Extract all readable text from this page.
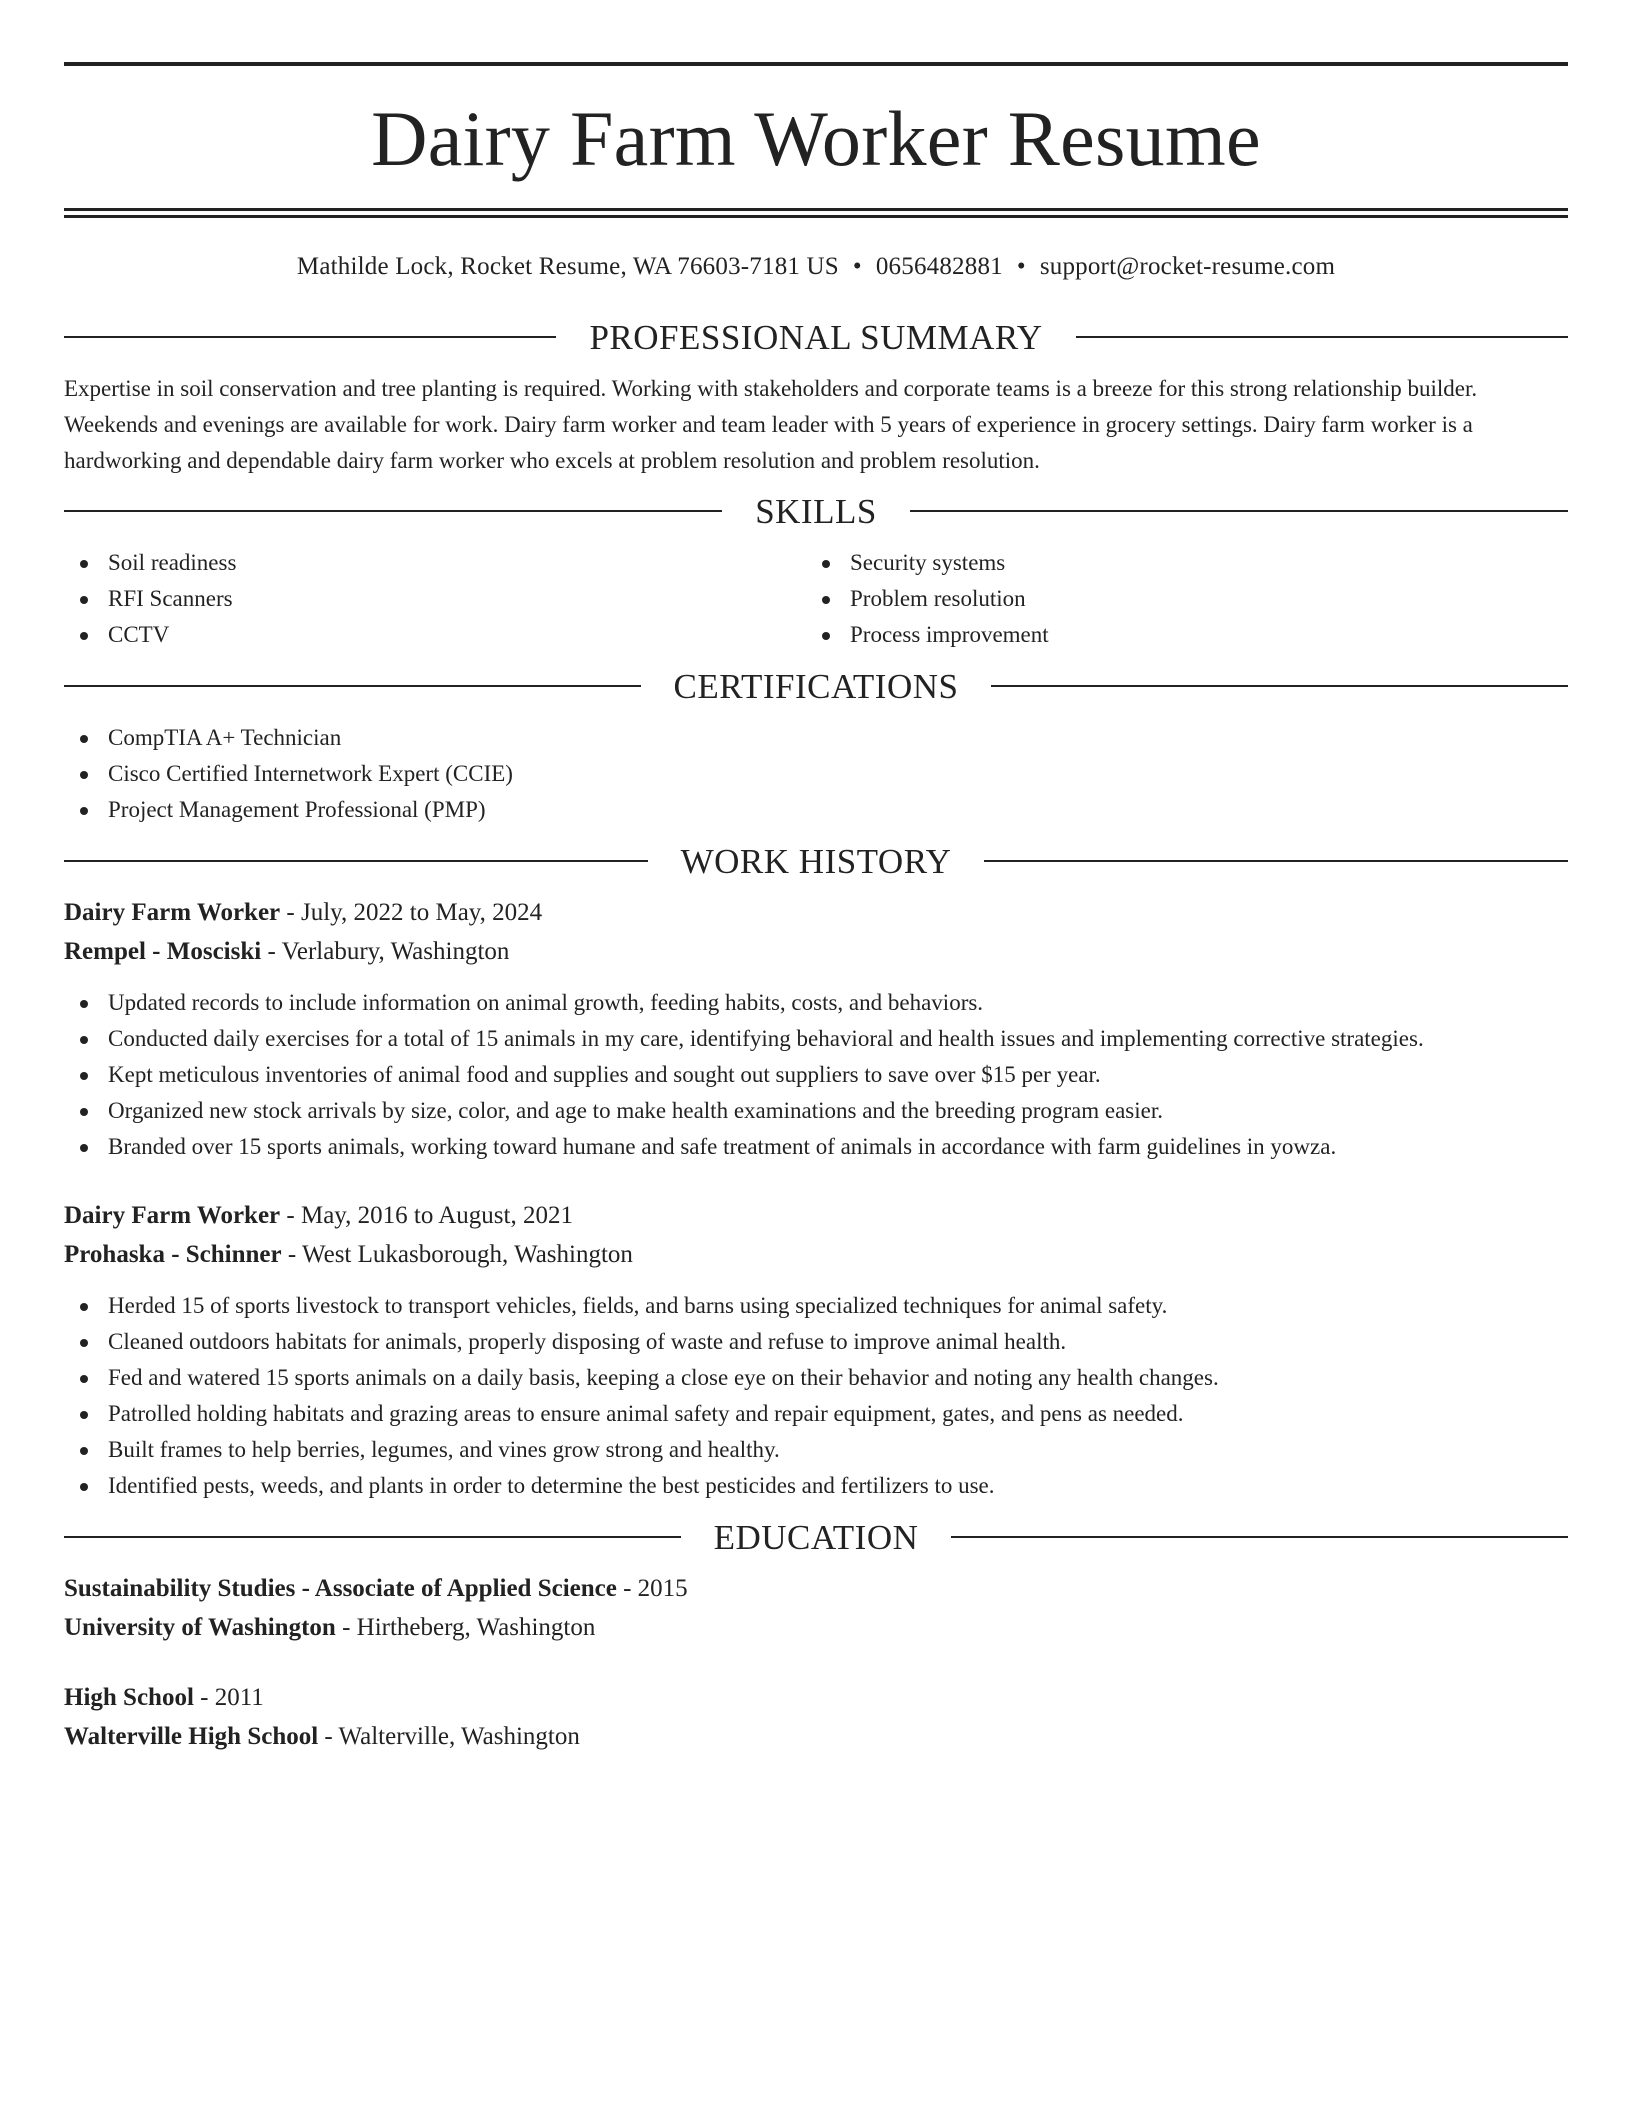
Dairy Farm Worker Resume
Mathilde Lock, Rocket Resume, WA 76603-7181 US • 0656482881 • support@rocket-resume.com
PROFESSIONAL SUMMARY

Expertise in soil conservation and tree planting is required. Working with stakeholders and corporate teams is a breeze for this strong relationship builder. Weekends and evenings are available for work. Dairy farm worker and team leader with 5 years of experience in grocery settings. Dairy farm worker is a hardworking and dependable dairy farm worker who excels at problem resolution and problem resolution.

SKILLS
Soil readiness
RFI Scanners
CCTV
Security systems
Problem resolution
Process improvement
CERTIFICATIONS
CompTIA A+ Technician
Cisco Certified Internetwork Expert (CCIE)
Project Management Professional (PMP)
WORK HISTORY
Dairy Farm Worker - July, 2022 to May, 2024
Rempel - Mosciski - Verlabury, Washington
Updated records to include information on animal growth, feeding habits, costs, and behaviors.
Conducted daily exercises for a total of 15 animals in my care, identifying behavioral and health issues and implementing corrective strategies.
Kept meticulous inventories of animal food and supplies and sought out suppliers to save over $15 per year.
Organized new stock arrivals by size, color, and age to make health examinations and the breeding program easier.
Branded over 15 sports animals, working toward humane and safe treatment of animals in accordance with farm guidelines in yowza.
Dairy Farm Worker - May, 2016 to August, 2021
Prohaska - Schinner - West Lukasborough, Washington
Herded 15 of sports livestock to transport vehicles, fields, and barns using specialized techniques for animal safety.
Cleaned outdoors habitats for animals, properly disposing of waste and refuse to improve animal health.
Fed and watered 15 sports animals on a daily basis, keeping a close eye on their behavior and noting any health changes.
Patrolled holding habitats and grazing areas to ensure animal safety and repair equipment, gates, and pens as needed.
Built frames to help berries, legumes, and vines grow strong and healthy.
Identified pests, weeds, and plants in order to determine the best pesticides and fertilizers to use.
EDUCATION
Sustainability Studies - Associate of Applied Science - 2015
University of Washington - Hirtheberg, Washington
High School - 2011
Walterville High School - Walterville, Washington
